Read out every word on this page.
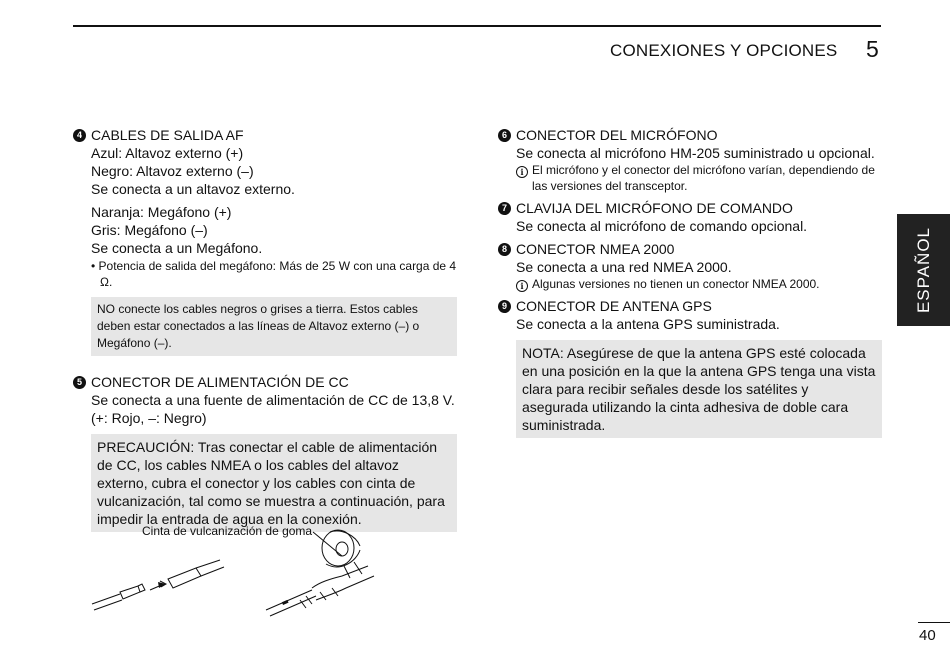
CONEXIONES Y OPCIONES 5
ESPAÑOL
4 CABLES DE SALIDA AF
Azul: Altavoz externo (+)
Negro: Altavoz externo (–)
Se conecta a un altavoz externo.
Naranja: Megáfono (+)
Gris: Megáfono (–)
Se conecta a un Megáfono.
• Potencia de salida del megáfono: Más de 25 W con una carga de 4 Ω.
NO conecte los cables negros o grises a tierra. Estos cables deben estar conectados a las líneas de Altavoz externo (–) o Megáfono (–).
5 CONECTOR DE ALIMENTACIÓN DE CC
Se conecta a una fuente de alimentación de CC de 13,8 V. (+: Rojo, –: Negro)
PRECAUCIÓN: Tras conectar el cable de alimentación de CC, los cables NMEA o los cables del altavoz externo, cubra el conector y los cables con cinta de vulcanización, tal como se muestra a continuación, para impedir la entrada de agua en la conexión.
Cinta de vulcanización de goma
6 CONECTOR DEL MICRÓFONO
Se conecta al micrófono HM-205 suministrado u opcional.
i El micrófono y el conector del micrófono varían, dependiendo de las versiones del transceptor.
7 CLAVIJA DEL MICRÓFONO DE COMANDO
Se conecta al micrófono de comando opcional.
8 CONECTOR NMEA 2000
Se conecta a una red NMEA 2000.
i Algunas versiones no tienen un conector NMEA 2000.
9 CONECTOR DE ANTENA GPS
Se conecta a la antena GPS suministrada.
NOTA: Asegúrese de que la antena GPS esté colocada en una posición en la que la antena GPS tenga una vista clara para recibir señales desde los satélites y asegurada utilizando la cinta adhesiva de doble cara suministrada.
40
